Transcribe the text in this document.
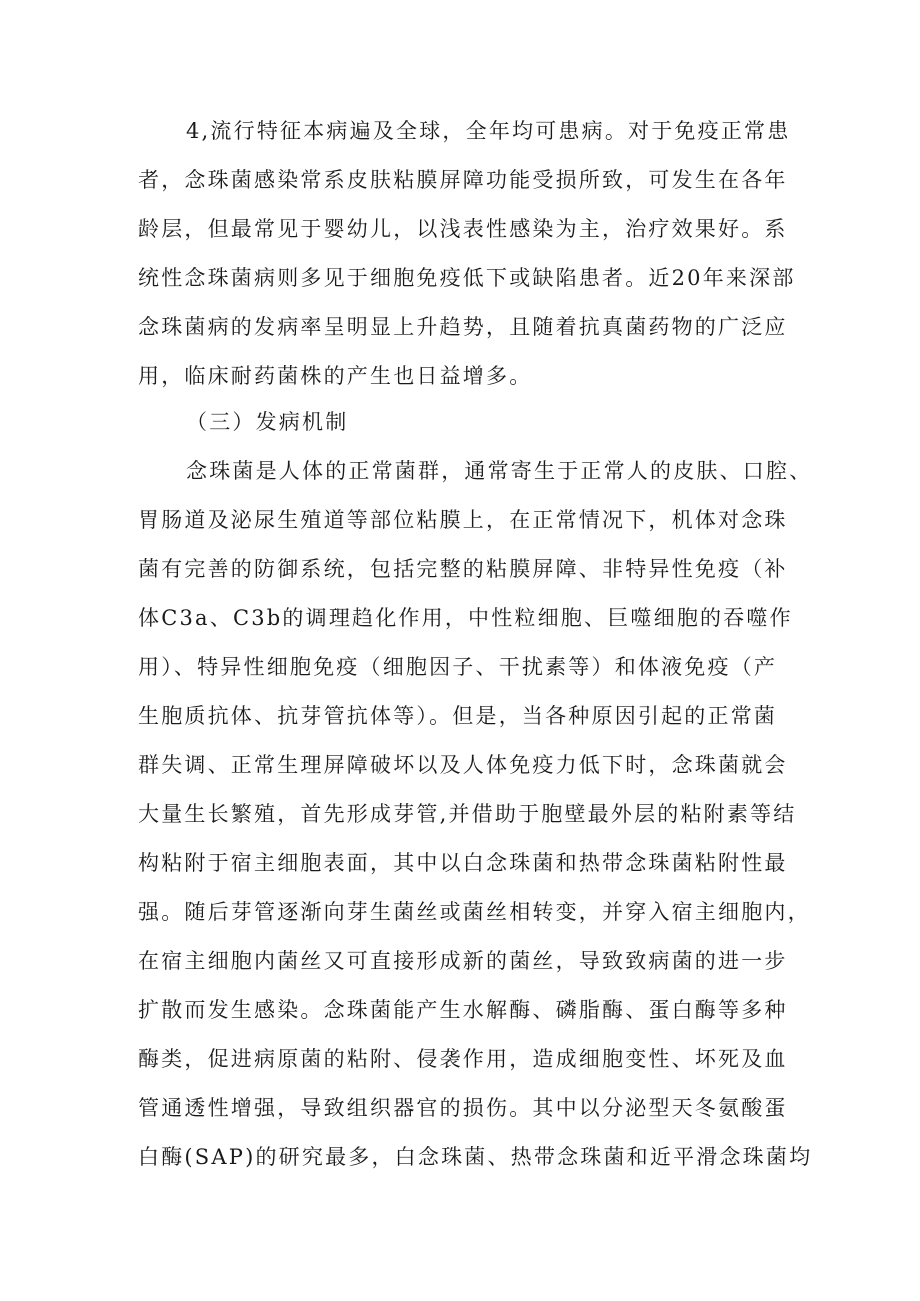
4,流行特征本病遍及全球，全年均可患病。对于免疫正常患
者，念珠菌感染常系皮肤粘膜屏障功能受损所致，可发生在各年
龄层，但最常见于婴幼儿，以浅表性感染为主，治疗效果好。系
统性念珠菌病则多见于细胞免疫低下或缺陷患者。近20年来深部
念珠菌病的发病率呈明显上升趋势，且随着抗真菌药物的广泛应
用，临床耐药菌株的产生也日益增多。
（三）发病机制
念珠菌是人体的正常菌群，通常寄生于正常人的皮肤、口腔、
胃肠道及泌尿生殖道等部位粘膜上，在正常情况下，机体对念珠
菌有完善的防御系统，包括完整的粘膜屏障、非特异性免疫（补
体C3a、C3b的调理趋化作用，中性粒细胞、巨噬细胞的吞噬作
用）、特异性细胞免疫（细胞因子、干扰素等）和体液免疫（产
生胞质抗体、抗芽管抗体等）。但是，当各种原因引起的正常菌
群失调、正常生理屏障破坏以及人体免疫力低下时，念珠菌就会
大量生长繁殖，首先形成芽管,并借助于胞壁最外层的粘附素等结
构粘附于宿主细胞表面，其中以白念珠菌和热带念珠菌粘附性最
强。随后芽管逐渐向芽生菌丝或菌丝相转变，并穿入宿主细胞内，
在宿主细胞内菌丝又可直接形成新的菌丝，导致致病菌的进一步
扩散而发生感染。念珠菌能产生水解酶、磷脂酶、蛋白酶等多种
酶类，促进病原菌的粘附、侵袭作用，造成细胞变性、坏死及血
管通透性增强，导致组织器官的损伤。其中以分泌型天冬氨酸蛋
白酶(SAP)的研究最多，白念珠菌、热带念珠菌和近平滑念珠菌均
